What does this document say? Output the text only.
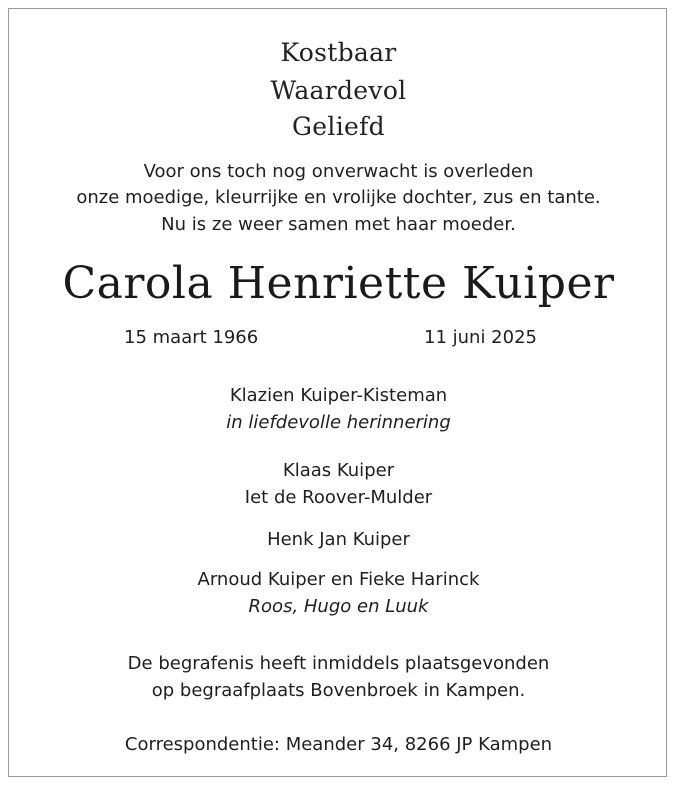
Kostbaar
Waardevol
Geliefd
Voor ons toch nog onverwacht is overleden
onze moedige, kleurrijke en vrolijke dochter, zus en tante.
Nu is ze weer samen met haar moeder.
Carola Henriette Kuiper
15 maart 1966	11 juni 2025
Klazien Kuiper-Kisteman
in liefdevolle herinnering
Klaas Kuiper
Iet de Roover-Mulder
Henk Jan Kuiper
Arnoud Kuiper en Fieke Harinck
Roos, Hugo en Luuk
De begrafenis heeft inmiddels plaatsgevonden
op begraafplaats Bovenbroek in Kampen.
Correspondentie: Meander 34, 8266 JP Kampen
